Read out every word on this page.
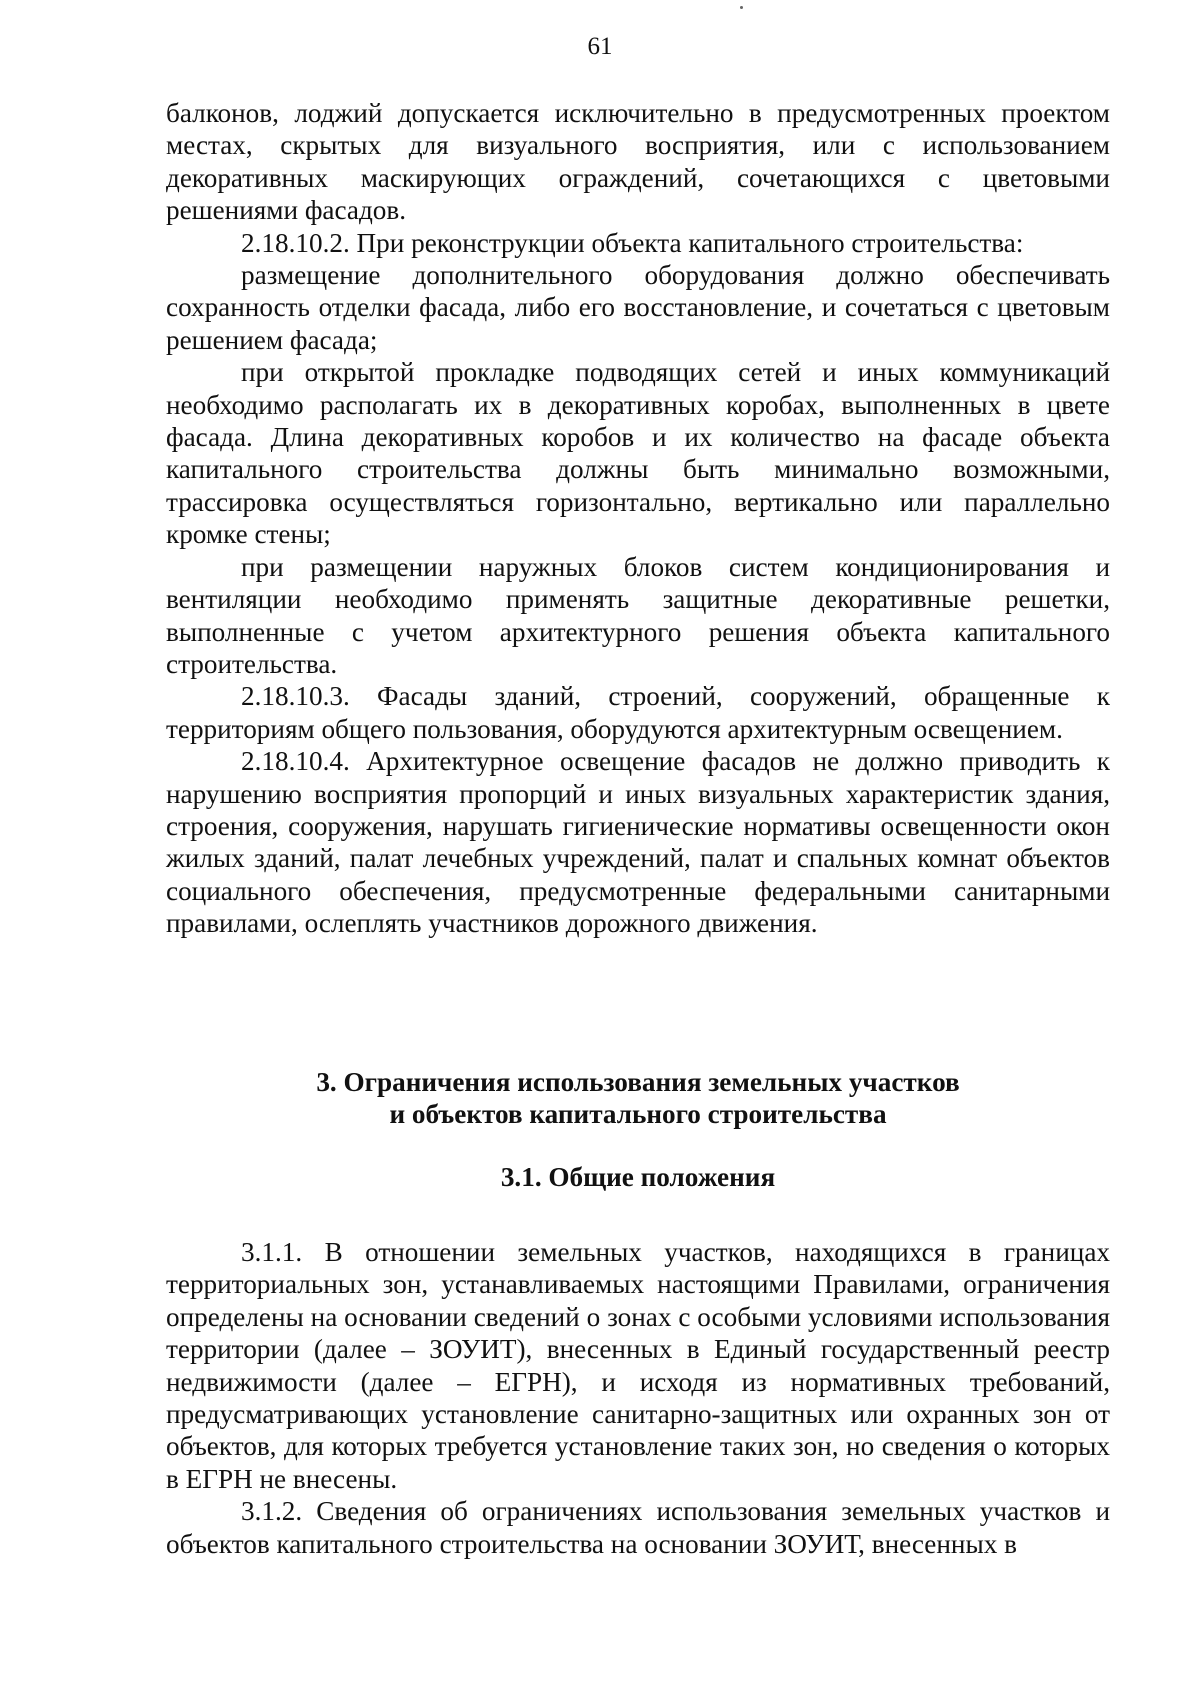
61

балконов, лоджий допускается исключительно в предусмотренных проектом местах, скрытых для визуального восприятия, или с использованием декоративных маскирующих ограждений, сочетающихся с цветовыми решениями фасадов.

2.18.10.2. При реконструкции объекта капитального строительства:

размещение дополнительного оборудования должно обеспечивать сохранность отделки фасада, либо его восстановление, и сочетаться с цветовым решением фасада;

при открытой прокладке подводящих сетей и иных коммуникаций необходимо располагать их в декоративных коробах, выполненных в цвете фасада. Длина декоративных коробов и их количество на фасаде объекта капитального строительства должны быть минимально возможными, трассировка осуществляться горизонтально, вертикально или параллельно кромке стены;

при размещении наружных блоков систем кондиционирования и вентиляции необходимо применять защитные декоративные решетки, выполненные с учетом архитектурного решения объекта капитального строительства.

2.18.10.3. Фасады зданий, строений, сооружений, обращенные к территориям общего пользования, оборудуются архитектурным освещением.

2.18.10.4. Архитектурное освещение фасадов не должно приводить к нарушению восприятия пропорций и иных визуальных характеристик здания, строения, сооружения, нарушать гигиенические нормативы освещенности окон жилых зданий, палат лечебных учреждений, палат и спальных комнат объектов социального обеспечения, предусмотренные федеральными санитарными правилами, ослеплять участников дорожного движения.

3. Ограничения использования земельных участков
и объектов капитального строительства
3.1. Общие положения

3.1.1. В отношении земельных участков, находящихся в границах территориальных зон, устанавливаемых настоящими Правилами, ограничения определены на основании сведений о зонах с особыми условиями использования территории (далее – ЗОУИТ), внесенных в Единый государственный реестр недвижимости (далее – ЕГРН), и исходя из нормативных требований, предусматривающих установление санитарно-защитных или охранных зон от объектов, для которых требуется установление таких зон, но сведения о которых в ЕГРН не внесены.

3.1.2. Сведения об ограничениях использования земельных участков и объектов капитального строительства на основании ЗОУИТ, внесенных в
